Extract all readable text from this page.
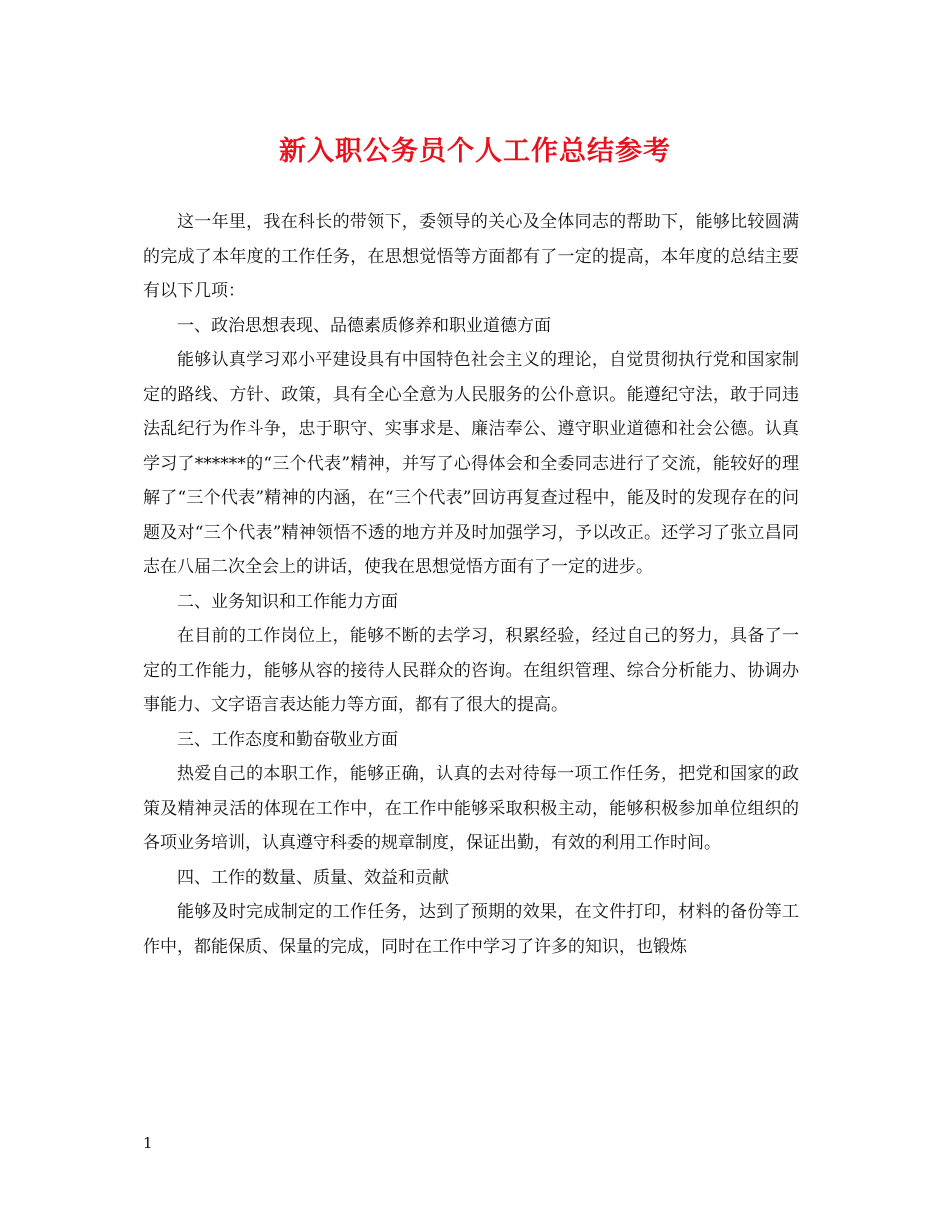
新入职公务员个人工作总结参考

这一年里，我在科长的带领下，委领导的关心及全体同志的帮助下，能够比较圆满的完成了本年度的工作任务，在思想觉悟等方面都有了一定的提高，本年度的总结主要有以下几项：

一、政治思想表现、品德素质修养和职业道德方面

能够认真学习邓小平建设具有中国特色社会主义的理论，自觉贯彻执行党和国家制定的路线、方针、政策，具有全心全意为人民服务的公仆意识。能遵纪守法，敢于同违法乱纪行为作斗争，忠于职守、实事求是、廉洁奉公、遵守职业道德和社会公德。认真学习了******的“三个代表”精神，并写了心得体会和全委同志进行了交流，能较好的理解了“三个代表”精神的内涵，在“三个代表”回访再复查过程中，能及时的发现存在的问题及对“三个代表”精神领悟不透的地方并及时加强学习，予以改正。还学习了张立昌同志在八届二次全会上的讲话，使我在思想觉悟方面有了一定的进步。

二、业务知识和工作能力方面

在目前的工作岗位上，能够不断的去学习，积累经验，经过自己的努力，具备了一定的工作能力，能够从容的接待人民群众的咨询。在组织管理、综合分析能力、协调办事能力、文字语言表达能力等方面，都有了很大的提高。

三、工作态度和勤奋敬业方面

热爱自己的本职工作，能够正确，认真的去对待每一项工作任务，把党和国家的政策及精神灵活的体现在工作中，在工作中能够采取积极主动，能够积极参加单位组织的各项业务培训，认真遵守科委的规章制度，保证出勤，有效的利用工作时间。

四、工作的数量、质量、效益和贡献

能够及时完成制定的工作任务，达到了预期的效果，在文件打印，材料的备份等工作中，都能保质、保量的完成，同时在工作中学习了许多的知识，也锻炼

1
